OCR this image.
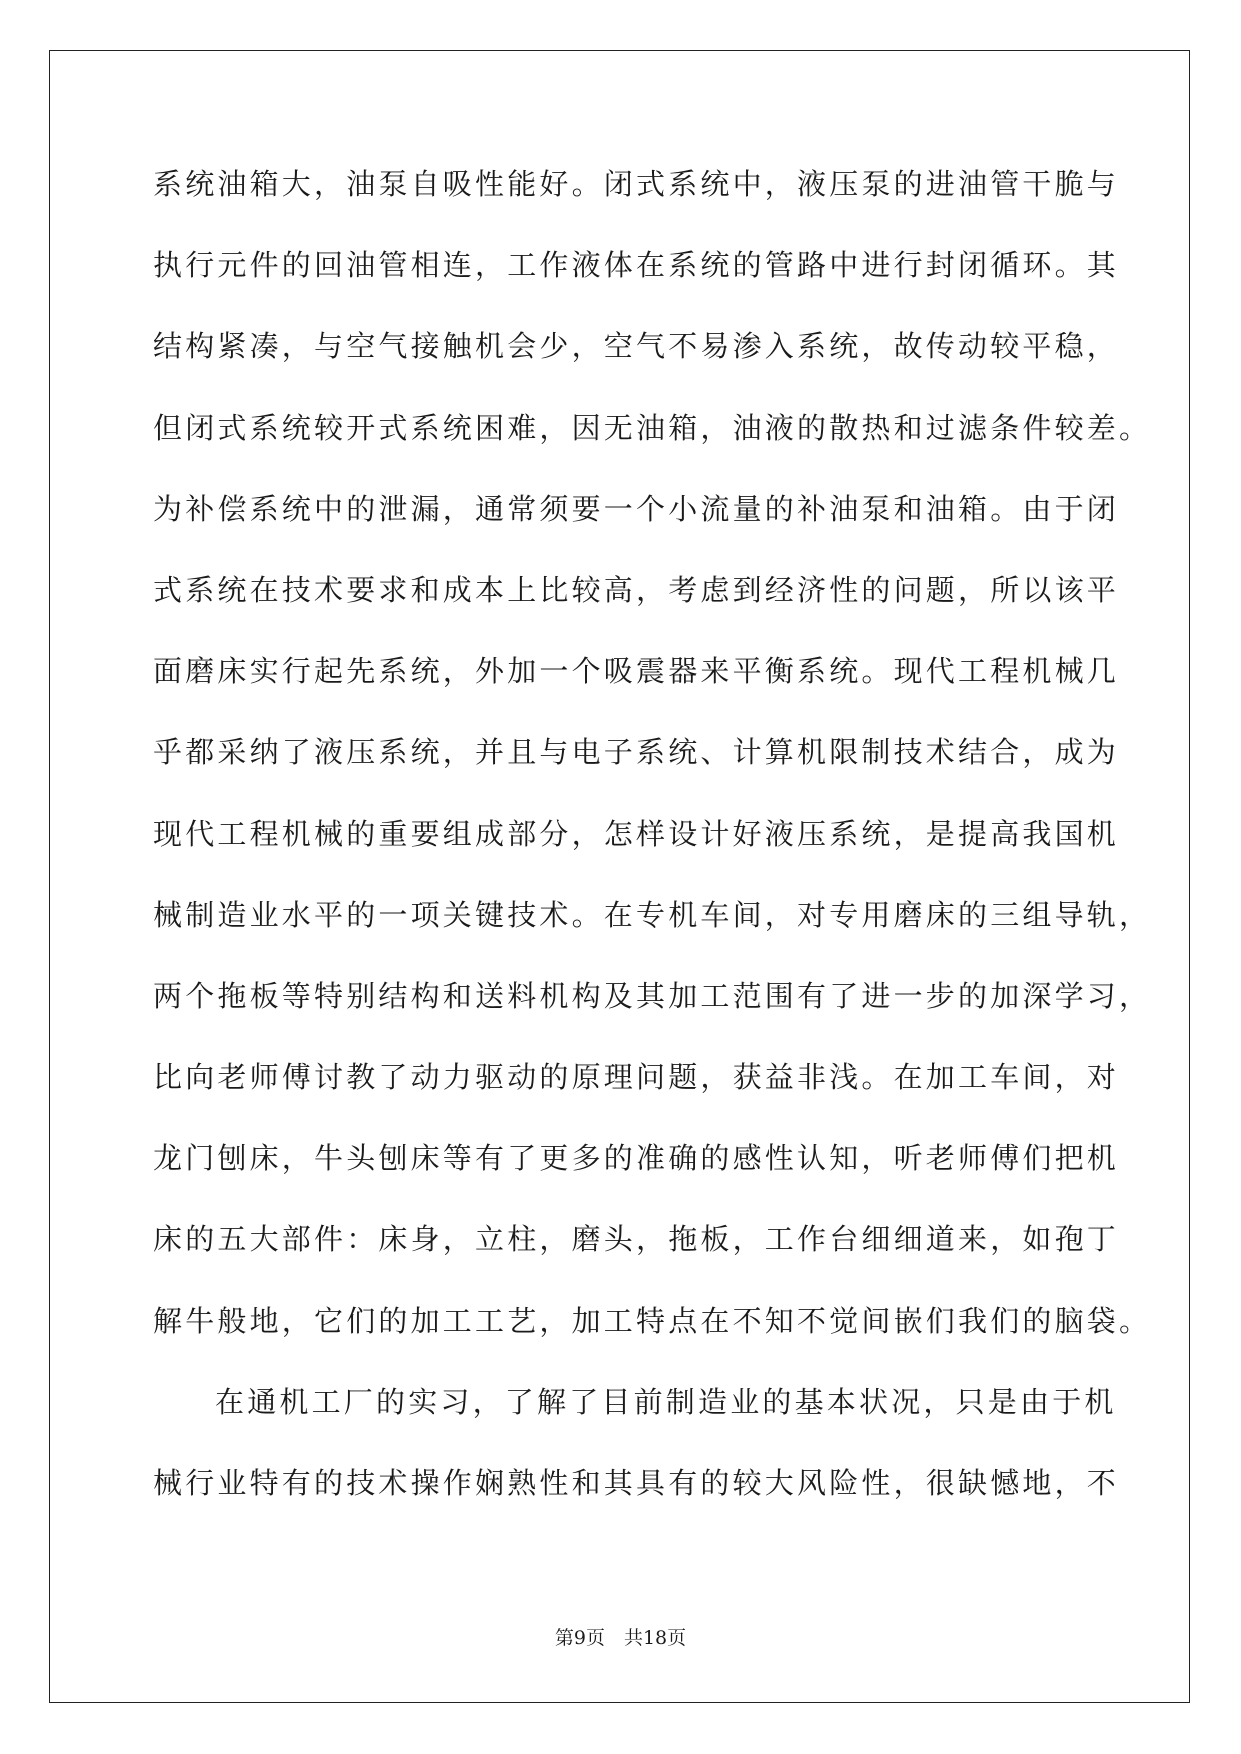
系统油箱大，油泵自吸性能好。闭式系统中，液压泵的进油管干脆与
执行元件的回油管相连，工作液体在系统的管路中进行封闭循环。其
结构紧凑，与空气接触机会少，空气不易渗入系统，故传动较平稳，
但闭式系统较开式系统困难，因无油箱，油液的散热和过滤条件较差。
为补偿系统中的泄漏，通常须要一个小流量的补油泵和油箱。由于闭
式系统在技术要求和成本上比较高，考虑到经济性的问题，所以该平
面磨床实行起先系统，外加一个吸震器来平衡系统。现代工程机械几
乎都采纳了液压系统，并且与电子系统、计算机限制技术结合，成为
现代工程机械的重要组成部分，怎样设计好液压系统，是提高我国机
械制造业水平的一项关键技术。在专机车间，对专用磨床的三组导轨，
两个拖板等特别结构和送料机构及其加工范围有了进一步的加深学习，
比向老师傅讨教了动力驱动的原理问题，获益非浅。在加工车间，对
龙门刨床，牛头刨床等有了更多的准确的感性认知，听老师傅们把机
床的五大部件：床身，立柱，磨头，拖板，工作台细细道来，如孢丁
解牛般地，它们的加工工艺，加工特点在不知不觉间嵌们我们的脑袋。
在通机工厂的实习，了解了目前制造业的基本状况，只是由于机
械行业特有的技术操作娴熟性和其具有的较大风险性，很缺憾地，不
第9页　共18页
